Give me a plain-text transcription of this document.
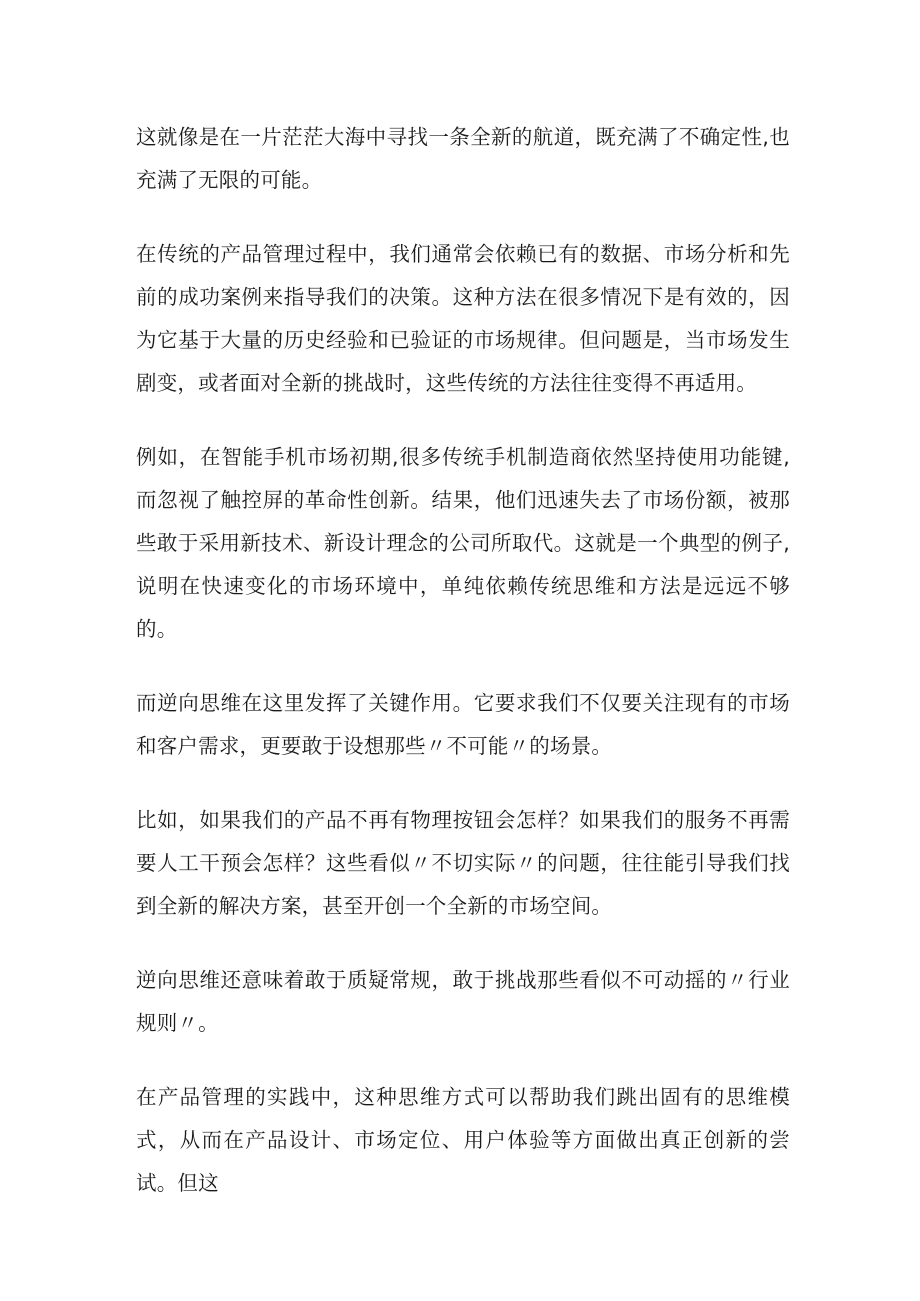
这就像是在一片茫茫大海中寻找一条全新的航道，既充满了不确定性,也充满了无限的可能。

在传统的产品管理过程中，我们通常会依赖已有的数据、市场分析和先前的成功案例来指导我们的决策。这种方法在很多情况下是有效的，因为它基于大量的历史经验和已验证的市场规律。但问题是，当市场发生剧变，或者面对全新的挑战时，这些传统的方法往往变得不再适用。

例如，在智能手机市场初期,很多传统手机制造商依然坚持使用功能键,而忽视了触控屏的革命性创新。结果，他们迅速失去了市场份额，被那些敢于采用新技术、新设计理念的公司所取代。这就是一个典型的例子,说明在快速变化的市场环境中，单纯依赖传统思维和方法是远远不够的。

而逆向思维在这里发挥了关键作用。它要求我们不仅要关注现有的市场和客户需求，更要敢于设想那些〃不可能〃的场景。

比如，如果我们的产品不再有物理按钮会怎样？如果我们的服务不再需要人工干预会怎样？这些看似〃不切实际〃的问题，往往能引导我们找到全新的解决方案，甚至开创一个全新的市场空间。

逆向思维还意味着敢于质疑常规，敢于挑战那些看似不可动摇的〃行业规则〃。

在产品管理的实践中，这种思维方式可以帮助我们跳出固有的思维模式，从而在产品设计、市场定位、用户体验等方面做出真正创新的尝试。但这
